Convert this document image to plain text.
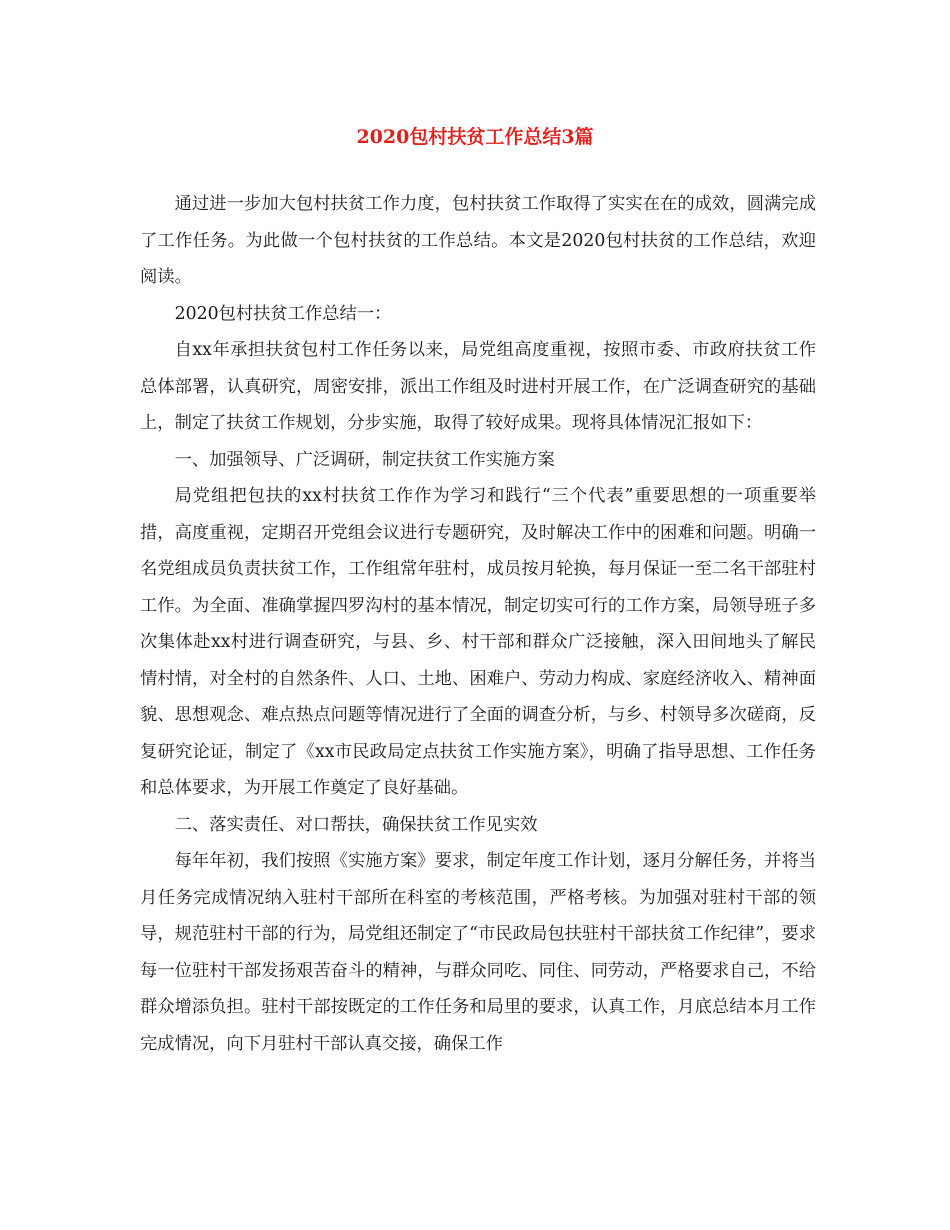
2020包村扶贫工作总结3篇

通过进一步加大包村扶贫工作力度，包村扶贫工作取得了实实在在的成效，圆满完成了工作任务。为此做一个包村扶贫的工作总结。本文是2020包村扶贫的工作总结，欢迎阅读。

2020包村扶贫工作总结一：

自xx年承担扶贫包村工作任务以来，局党组高度重视，按照市委、市政府扶贫工作总体部署，认真研究，周密安排，派出工作组及时进村开展工作，在广泛调查研究的基础上，制定了扶贫工作规划，分步实施，取得了较好成果。现将具体情况汇报如下：

一、加强领导、广泛调研，制定扶贫工作实施方案

局党组把包扶的xx村扶贫工作作为学习和践行“三个代表”重要思想的一项重要举措，高度重视，定期召开党组会议进行专题研究，及时解决工作中的困难和问题。明确一名党组成员负责扶贫工作，工作组常年驻村，成员按月轮换，每月保证一至二名干部驻村工作。为全面、准确掌握四罗沟村的基本情况，制定切实可行的工作方案，局领导班子多次集体赴xx村进行调查研究，与县、乡、村干部和群众广泛接触，深入田间地头了解民情村情，对全村的自然条件、人口、土地、困难户、劳动力构成、家庭经济收入、精神面貌、思想观念、难点热点问题等情况进行了全面的调查分析，与乡、村领导多次磋商，反复研究论证，制定了《xx市民政局定点扶贫工作实施方案》，明确了指导思想、工作任务和总体要求，为开展工作奠定了良好基础。

二、落实责任、对口帮扶，确保扶贫工作见实效

每年年初，我们按照《实施方案》要求，制定年度工作计划，逐月分解任务，并将当月任务完成情况纳入驻村干部所在科室的考核范围，严格考核。为加强对驻村干部的领导，规范驻村干部的行为，局党组还制定了“市民政局包扶驻村干部扶贫工作纪律”，要求每一位驻村干部发扬艰苦奋斗的精神，与群众同吃、同住、同劳动，严格要求自己，不给群众增添负担。驻村干部按既定的工作任务和局里的要求，认真工作，月底总结本月工作完成情况，向下月驻村干部认真交接，确保工作
